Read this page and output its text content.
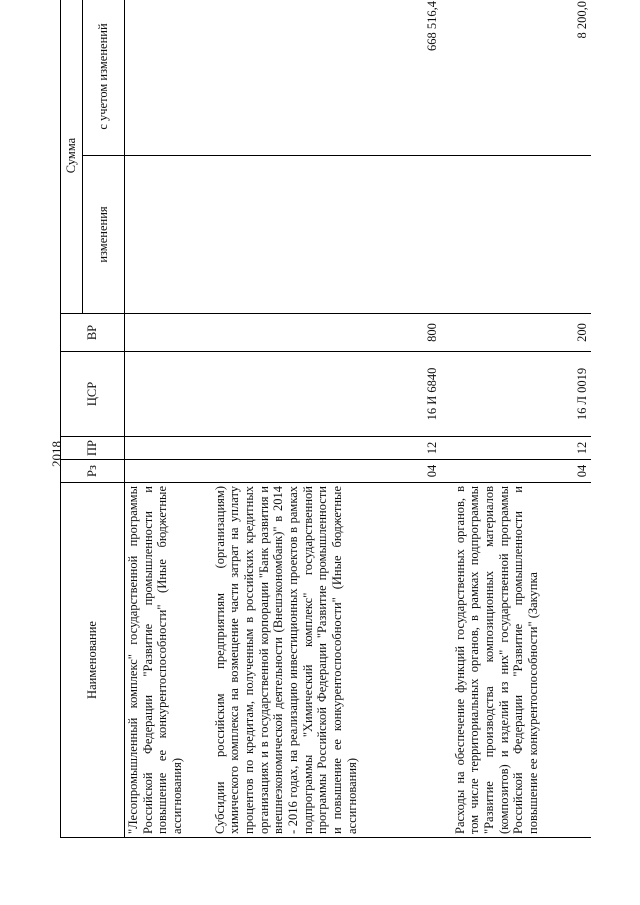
2018
Наименование	Рз	ПР	ЦСР	ВР	Сумма	
					изменения	с учетом изменений
"Лесопромышленный комплекс" государственной программы Российской Федерации "Развитие промышленности и повышение ее конкурентоспособности" (Иные бюджетные ассигнования)						
Субсидии российским предприятиям (организациям) химического комплекса на возмещение части затрат на уплату процентов по кредитам, полученным в российских кредитных организациях и в государственной корпорации "Банк развития и внешнеэкономической деятельности (Внешэкономбанк)" в 2014 - 2016 годах, на реализацию инвестиционных проектов в рамках подпрограммы "Химический комплекс" государственной программы Российской Федерации "Развитие промышленности и повышение ее конкурентоспособности" (Иные бюджетные ассигнования)	04	12	16 И 6840	800		668 516,4
Расходы на обеспечение функций государственных органов, в том числе территориальных органов, в рамках подпрограммы "Развитие производства композиционных материалов (композитов) и изделий из них" государственной программы Российской Федерации "Развитие промышленности и повышение ее конкурентоспособности" (Закупка	04	12	16 Л 0019	200		8 200,0
